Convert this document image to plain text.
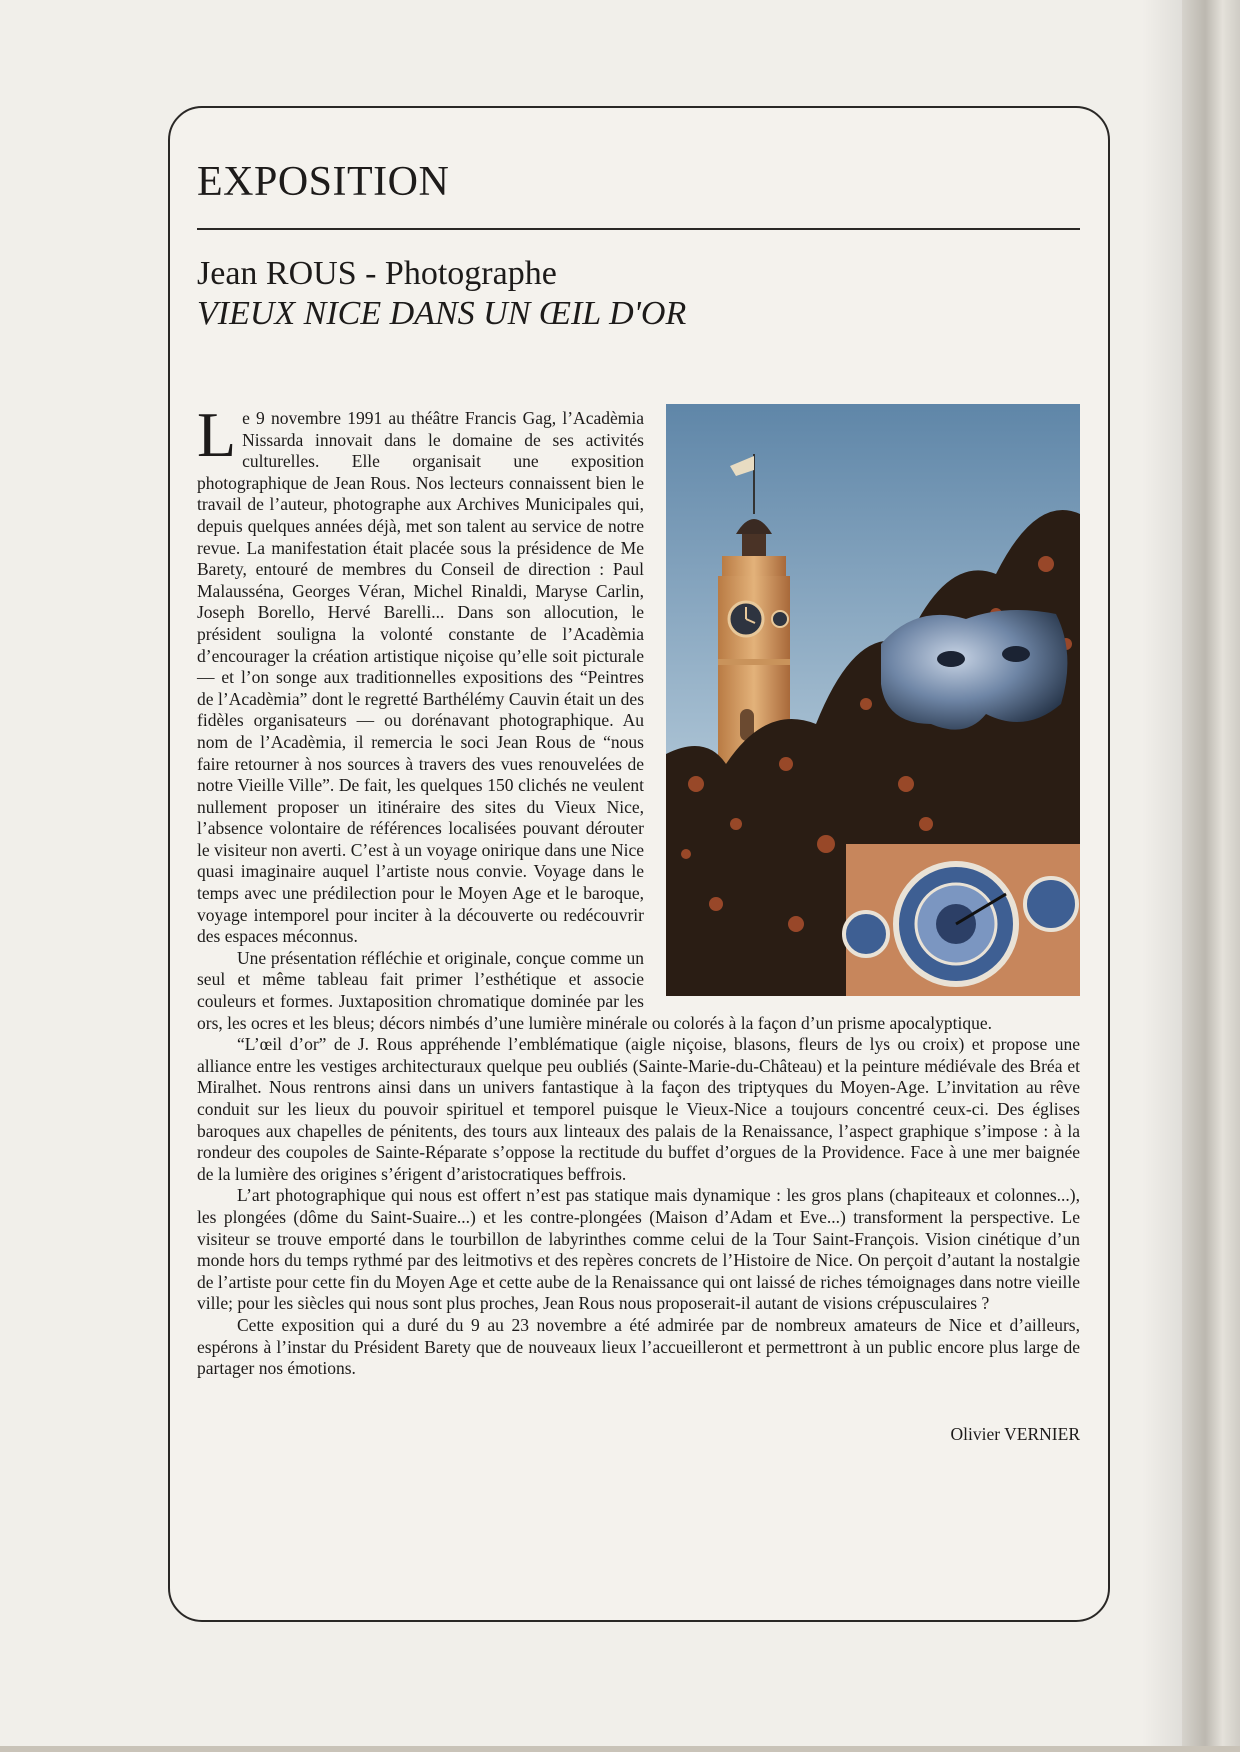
EXPOSITION
Jean ROUS - Photographe
VIEUX NICE DANS UN ŒIL D'OR

Le 9 novembre 1991 au théâtre Francis Gag, l’Acadèmia Nissarda innovait dans le domaine de ses activités culturelles. Elle organisait une exposition photographique de Jean Rous. Nos lecteurs connaissent bien le travail de l’auteur, photographe aux Archives Municipales qui, depuis quelques années déjà, met son talent au service de notre revue. La manifestation était placée sous la présidence de Me Barety, entouré de membres du Conseil de direction : Paul Malausséna, Georges Véran, Michel Rinaldi, Maryse Carlin, Joseph Borello, Hervé Barelli... Dans son allocution, le président souligna la volonté constante de l’Acadèmia d’encourager la création artistique niçoise qu’elle soit picturale — et l’on songe aux traditionnelles expositions des “Peintres de l’Acadèmia” dont le regretté Barthélémy Cauvin était un des fidèles organisateurs — ou dorénavant photographique. Au nom de l’Acadèmia, il remercia le soci Jean Rous de “nous faire retourner à nos sources à travers des vues renouvelées de notre Vieille Ville”. De fait, les quelques 150 clichés ne veulent nullement proposer un itinéraire des sites du Vieux Nice, l’absence volontaire de références localisées pouvant dérouter le visiteur non averti. C’est à un voyage onirique dans une Nice quasi imaginaire auquel l’artiste nous convie. Voyage dans le temps avec une prédilection pour le Moyen Age et le baroque, voyage intemporel pour inciter à la découverte ou redécouvrir des espaces méconnus.

Une présentation réfléchie et originale, conçue comme un seul et même tableau fait primer l’esthétique et associe couleurs et formes. Juxtaposition chromatique dominée par les ors, les ocres et les bleus; décors nimbés d’une lumière minérale ou colorés à la façon d’un prisme apocalyptique.

“L’œil d’or” de J. Rous appréhende l’emblématique (aigle niçoise, blasons, fleurs de lys ou croix) et propose une alliance entre les vestiges architecturaux quelque peu oubliés (Sainte-Marie-du-Château) et la peinture médiévale des Bréa et Miralhet. Nous rentrons ainsi dans un univers fantastique à la façon des triptyques du Moyen-Age. L’invitation au rêve conduit sur les lieux du pouvoir spirituel et temporel puisque le Vieux-Nice a toujours concentré ceux-ci. Des églises baroques aux chapelles de pénitents, des tours aux linteaux des palais de la Renaissance, l’aspect graphique s’impose : à la rondeur des coupoles de Sainte-Réparate s’oppose la rectitude du buffet d’orgues de la Providence. Face à une mer baignée de la lumière des origines s’érigent d’aristocratiques beffrois.

L’art photographique qui nous est offert n’est pas statique mais dynamique : les gros plans (chapiteaux et colonnes...), les plongées (dôme du Saint-Suaire...) et les contre-plongées (Maison d’Adam et Eve...) transforment la perspective. Le visiteur se trouve emporté dans le tourbillon de labyrinthes comme celui de la Tour Saint-François. Vision cinétique d’un monde hors du temps rythmé par des leitmotivs et des repères concrets de l’Histoire de Nice. On perçoit d’autant la nostalgie de l’artiste pour cette fin du Moyen Age et cette aube de la Renaissance qui ont laissé de riches témoignages dans notre vieille ville; pour les siècles qui nous sont plus proches, Jean Rous nous proposerait-il autant de visions crépusculaires ?

Cette exposition qui a duré du 9 au 23 novembre a été admirée par de nombreux amateurs de Nice et d’ailleurs, espérons à l’instar du Président Barety que de nouveaux lieux l’accueilleront et permettront à un public encore plus large de partager nos émotions.

Olivier VERNIER
